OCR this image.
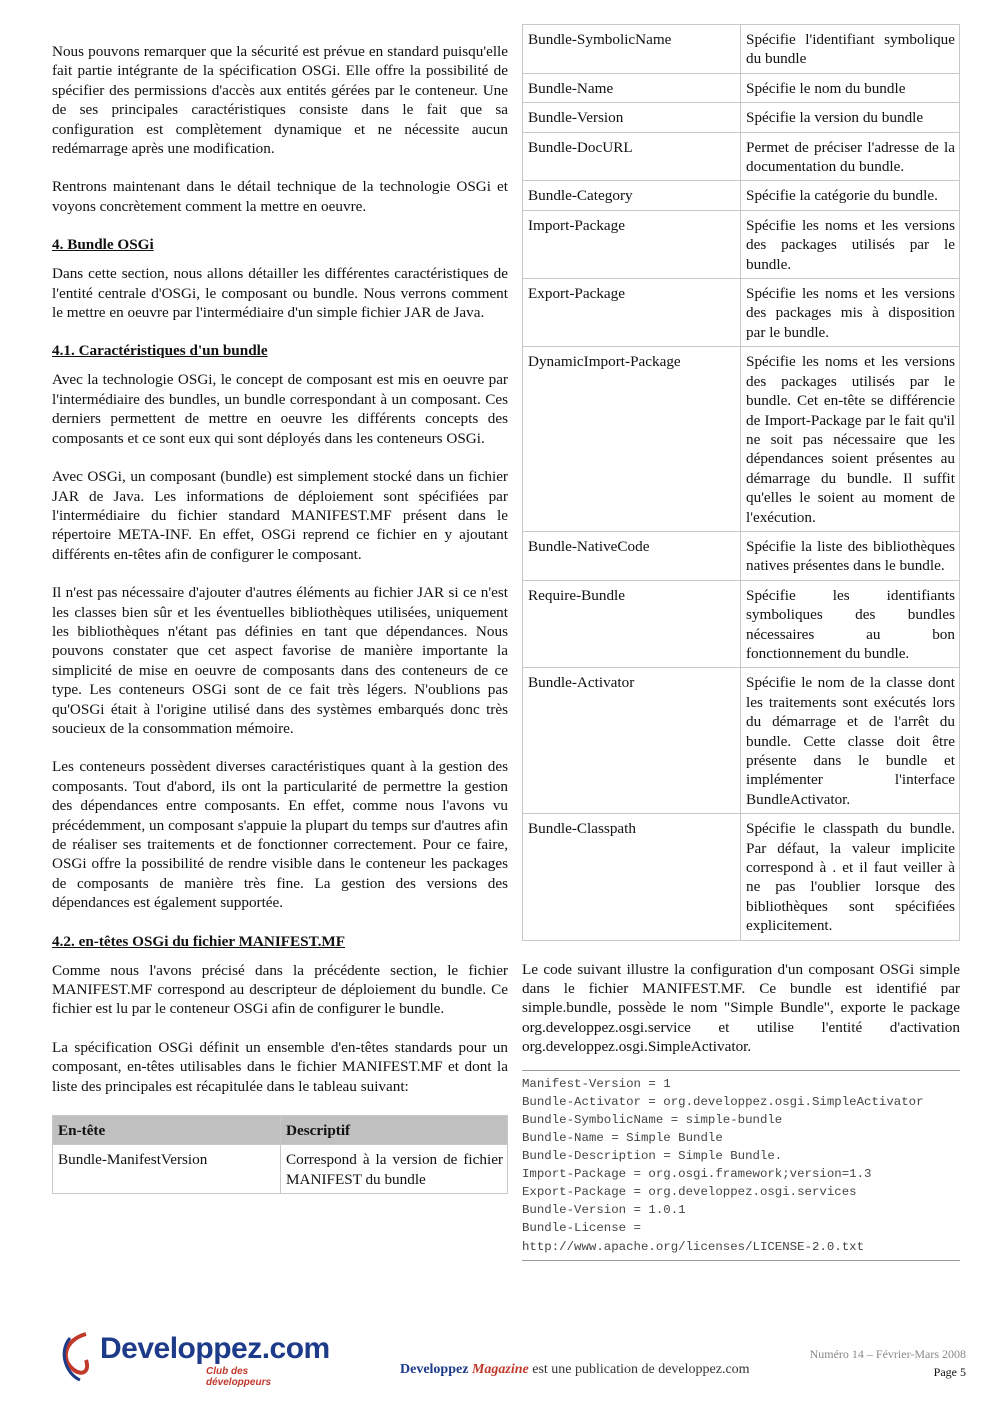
Nous pouvons remarquer que la sécurité est prévue en standard puisqu'elle fait partie intégrante de la spécification OSGi. Elle offre la possibilité de spécifier des permissions d'accès aux entités gérées par le conteneur. Une de ses principales caractéristiques consiste dans le fait que sa configuration est complètement dynamique et ne nécessite aucun redémarrage après une modification.

Rentrons maintenant dans le détail technique de la technologie OSGi et voyons concrètement comment la mettre en oeuvre.

4. Bundle OSGi

Dans cette section, nous allons détailler les différentes caractéristiques de l'entité centrale d'OSGi, le composant ou bundle. Nous verrons comment le mettre en oeuvre par l'intermédiaire d'un simple fichier JAR de Java.

4.1. Caractéristiques d'un bundle

Avec la technologie OSGi, le concept de composant est mis en oeuvre par l'intermédiaire des bundles, un bundle correspondant à un composant. Ces derniers permettent de mettre en oeuvre les différents concepts des composants et ce sont eux qui sont déployés dans les conteneurs OSGi.

Avec OSGi, un composant (bundle) est simplement stocké dans un fichier JAR de Java. Les informations de déploiement sont spécifiées par l'intermédiaire du fichier standard MANIFEST.MF présent dans le répertoire META-INF. En effet, OSGi reprend ce fichier en y ajoutant différents en-têtes afin de configurer le composant.

Il n'est pas nécessaire d'ajouter d'autres éléments au fichier JAR si ce n'est les classes bien sûr et les éventuelles bibliothèques utilisées, uniquement les bibliothèques n'étant pas définies en tant que dépendances. Nous pouvons constater que cet aspect favorise de manière importante la simplicité de mise en oeuvre de composants dans des conteneurs de ce type. Les conteneurs OSGi sont de ce fait très légers. N'oublions pas qu'OSGi était à l'origine utilisé dans des systèmes embarqués donc très soucieux de la consommation mémoire.

Les conteneurs possèdent diverses caractéristiques quant à la gestion des composants. Tout d'abord, ils ont la particularité de permettre la gestion des dépendances entre composants. En effet, comme nous l'avons vu précédemment, un composant s'appuie la plupart du temps sur d'autres afin de réaliser ses traitements et de fonctionner correctement. Pour ce faire, OSGi offre la possibilité de rendre visible dans le conteneur les packages de composants de manière très fine. La gestion des versions des dépendances est également supportée.

4.2. en-têtes OSGi du fichier MANIFEST.MF

Comme nous l'avons précisé dans la précédente section, le fichier MANIFEST.MF correspond au descripteur de déploiement du bundle. Ce fichier est lu par le conteneur OSGi afin de configurer le bundle.

La spécification OSGi définit un ensemble d'en-têtes standards pour un composant, en-têtes utilisables dans le fichier MANIFEST.MF et dont la liste des principales est récapitulée dans le tableau suivant:

En-tête	Descriptif
Bundle-ManifestVersion	Correspond à la version de fichier MANIFEST du bundle
Bundle-SymbolicName	Spécifie l'identifiant symbolique du bundle
Bundle-Name	Spécifie le nom du bundle
Bundle-Version	Spécifie la version du bundle
Bundle-DocURL	Permet de préciser l'adresse de la documentation du bundle.
Bundle-Category	Spécifie la catégorie du bundle.
Import-Package	Spécifie les noms et les versions des packages utilisés par le bundle.
Export-Package	Spécifie les noms et les versions des packages mis à disposition par le bundle.
DynamicImport-Package	Spécifie les noms et les versions des packages utilisés par le bundle. Cet en-tête se différencie de Import-Package par le fait qu'il ne soit pas nécessaire que les dépendances soient présentes au démarrage du bundle. Il suffit qu'elles le soient au moment de l'exécution.
Bundle-NativeCode	Spécifie la liste des bibliothèques natives présentes dans le bundle.
Require-Bundle	Spécifie les identifiants symboliques des bundles nécessaires au bon fonctionnement du bundle.
Bundle-Activator	Spécifie le nom de la classe dont les traitements sont exécutés lors du démarrage et de l'arrêt du bundle. Cette classe doit être présente dans le bundle et implémenter l'interface BundleActivator.
Bundle-Classpath	Spécifie le classpath du bundle. Par défaut, la valeur implicite correspond à . et il faut veiller à ne pas l'oublier lorsque des bibliothèques sont spécifiées explicitement.

Le code suivant illustre la configuration d'un composant OSGi simple dans le fichier MANIFEST.MF. Ce bundle est identifié par simple.bundle, possède le nom "Simple Bundle", exporte le package org.developpez.osgi.service et utilise l'entité d'activation org.developpez.osgi.SimpleActivator.

Manifest-Version = 1
Bundle-Activator = org.developpez.osgi.SimpleActivator
Bundle-SymbolicName = simple-bundle
Bundle-Name = Simple Bundle
Bundle-Description = Simple Bundle.
Import-Package = org.osgi.framework;version=1.3
Export-Package = org.developpez.osgi.services
Bundle-Version = 1.0.1
Bundle-License =
http://www.apache.org/licenses/LICENSE-2.0.txt
Developpez.com
Club des développeurs
Developpez Magazine est une publication de developpez.com
Numéro 14 – Février-Mars 2008
Page 5
